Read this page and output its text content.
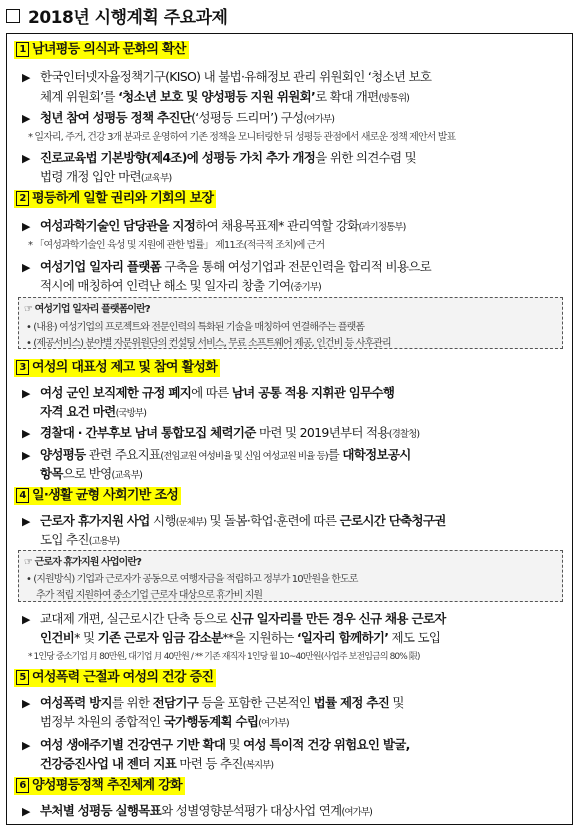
2018년 시행계획 주요과제
1 남녀평등 의식과 문화의 확산
▶ 한국인터넷자율정책기구(KISO) 내 불법·유해정보 관리 위원회인 ‘청소년 보호
체계 위원회’를 ‘청소년 보호 및 양성평등 지원 위원회’로 확대 개편(방통위)
▶ 청년 참여 성평등 정책 추진단(‘성평등 드리머’) 구성(여가부)
* 일자리, 주거, 건강 3개 분과로 운영하여 기존 정책을 모니터링한 뒤 성평등 관점에서 새로운 정책 제안서 발표
▶ 진로교육법 기본방향(제4조)에 성평등 가치 추가 개정을 위한 의견수렴 및
법령 개정 입안 마련(교육부)
2 평등하게 일할 권리와 기회의 보장
▶ 여성과학기술인 담당관을 지정하여 채용목표제* 관리역할 강화(과기정통부)
* 「여성과학기술인 육성 및 지원에 관한 법률」 제11조(적극적 조치)에 근거
▶ 여성기업 일자리 플랫폼 구축을 통해 여성기업과 전문인력을 합리적 비용으로
적시에 매칭하여 인력난 해소 및 일자리 창출 기여(중기부)
☞ 여성기업 일자리 플랫폼이란?
• (내용) 여성기업의 프로젝트와 전문인력의 특화된 기술을 매칭하여 연결해주는 플랫폼
• (제공서비스) 분야별 자문위원단의 컨설팅 서비스, 무료 소프트웨어 제공, 인건비 등 사후관리
3 여성의 대표성 제고 및 참여 활성화
▶ 여성 군인 보직제한 규정 폐지에 따른 남녀 공통 적용 지휘관 임무수행
자격 요건 마련(국방부)
▶ 경찰대 · 간부후보 남녀 통합모집 체력기준 마련 및 2019년부터 적용(경찰청)
▶ 양성평등 관련 주요지표(전임교원 여성비율 및 신임 여성교원 비율 등)를 대학정보공시
항목으로 반영(교육부)
4 일·생활 균형 사회기반 조성
▶ 근로자 휴가지원 사업 시행(문체부) 및 돌봄·학업·훈련에 따른 근로시간 단축청구권
도입 추진(고용부)
☞ 근로자 휴가지원 사업이란?
• (지원방식) 기업과 근로자가 공동으로 여행자금을 적립하고 정부가 10만원을 한도로
추가 적립 지원하여 중소기업 근로자 대상으로 휴가비 지원
▶ 교대제 개편, 실근로시간 단축 등으로 신규 일자리를 만든 경우 신규 채용 근로자
인건비* 및 기존 근로자 임금 감소분**을 지원하는 ‘일자리 함께하기’ 제도 도입
* 1인당 중소기업 月 80만원, 대기업 月 40만원 / ** 기존 재직자 1인당 월 10~40만원(사업주 보전임금의 80% 限)
5 여성폭력 근절과 여성의 건강 증진
▶ 여성폭력 방지를 위한 전담기구 등을 포함한 근본적인 법률 제정 추진 및
범정부 차원의 종합적인 국가행동계획 수립(여가부)
▶ 여성 생애주기별 건강연구 기반 확대 및 여성 특이적 건강 위험요인 발굴,
건강증진사업 내 젠더 지표 마련 등 추진(복지부)
6 양성평등정책 추진체계 강화
▶ 부처별 성평등 실행목표와 성별영향분석평가 대상사업 연계(여가부)
